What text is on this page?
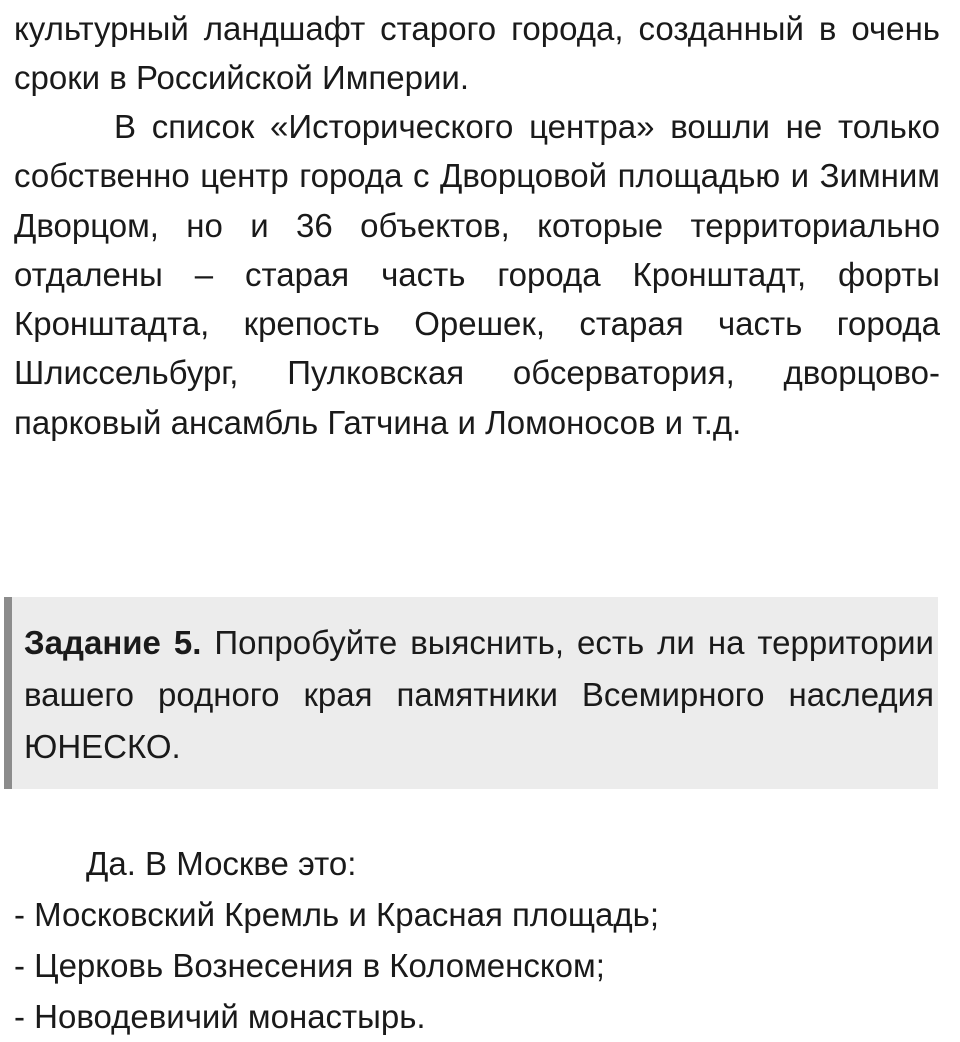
культурный ландшафт старого города, созданный в очень сроки в Российской Империи.

В список «Исторического центра» вошли не только собственно центр города с Дворцовой площадью и Зимним Дворцом, но и 36 объектов, которые территориально отдалены – старая часть города Кронштадт, форты Кронштадта, крепость Орешек, старая часть города Шлиссельбург, Пулковская обсерватория, дворцово-парковый ансамбль Гатчина и Ломоносов и т.д.

Задание 5. Попробуйте выяснить, есть ли на территории вашего родного края памятники Всемирного наследия ЮНЕСКО.

Да. В Москве это:
- Московский Кремль и Красная площадь;
- Церковь Вознесения в Коломенском;
- Новодевичий монастырь.
